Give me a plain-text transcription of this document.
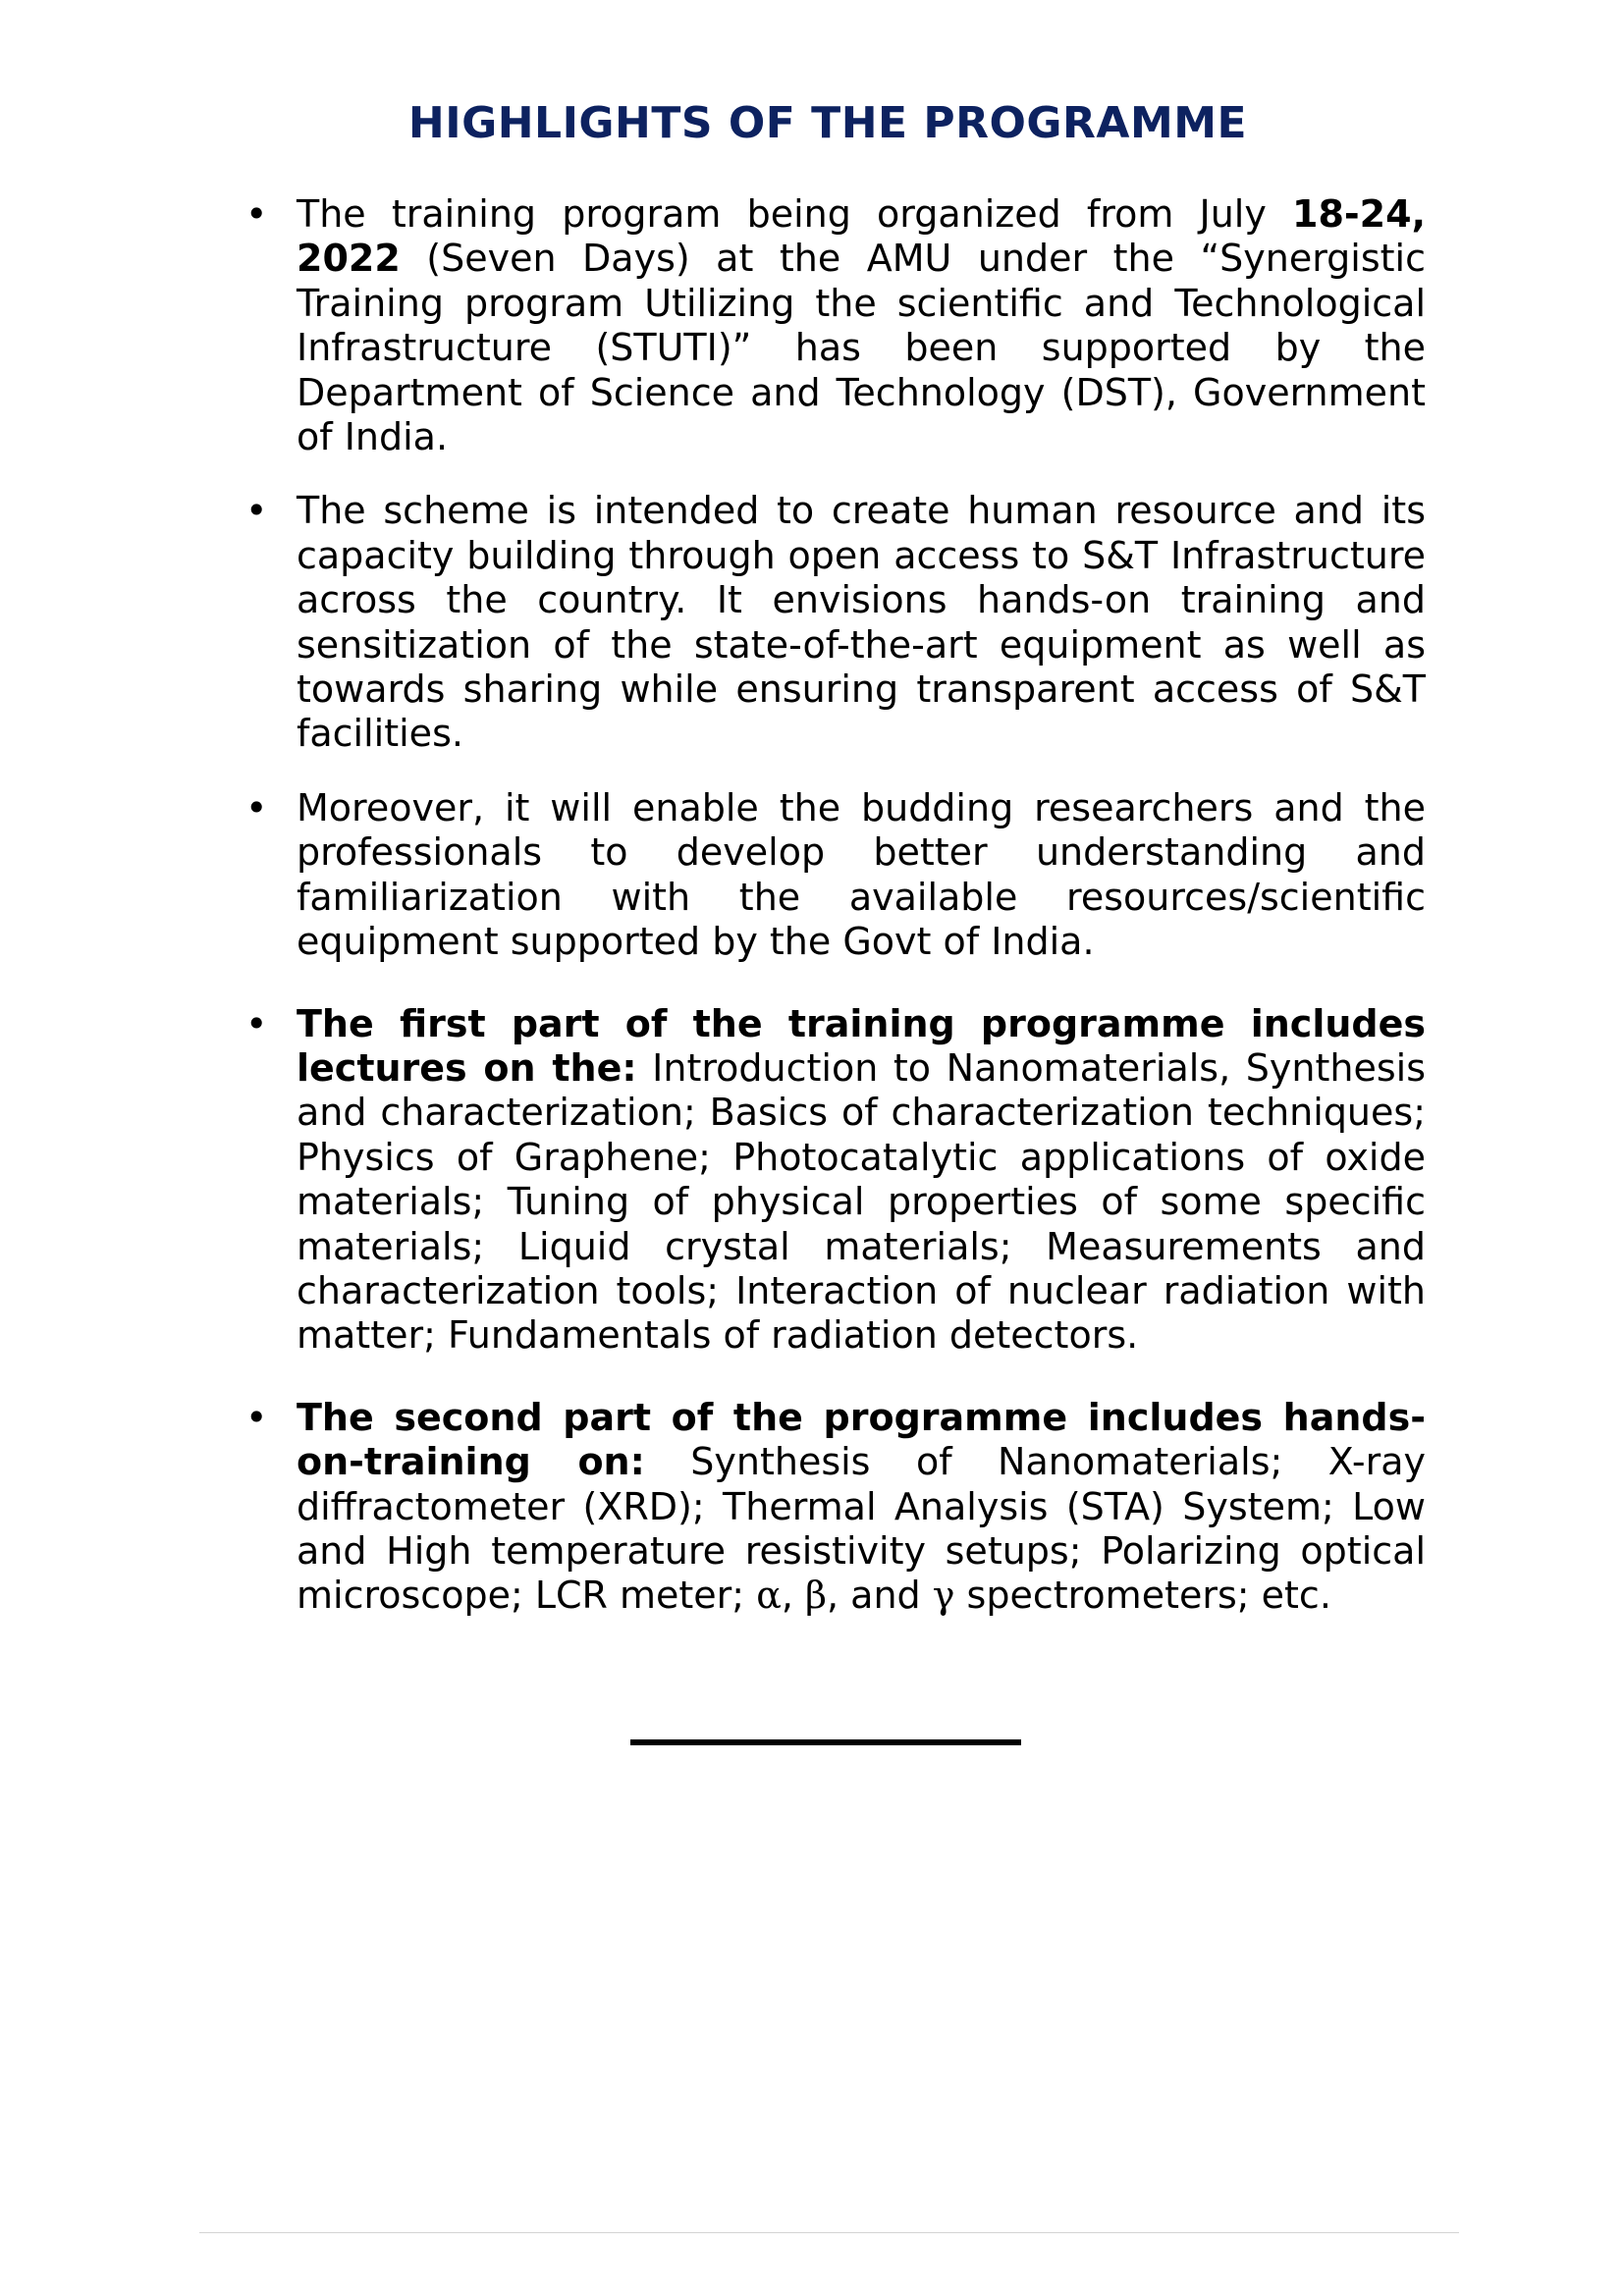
HIGHLIGHTS OF THE PROGRAMME
• The training program being organized from July 18-24, 2022 (Seven Days) at the AMU under the “Synergistic Training program Utilizing the scientific and Technological Infrastructure (STUTI)” has been supported by the Department of Science and Technology (DST), Government of India.
• The scheme is intended to create human resource and its capacity building through open access to S&T Infrastructure across the country. It envisions hands-on training and sensitization of the state-of-the-art equipment as well as towards sharing while ensuring transparent access of S&T facilities.
• Moreover, it will enable the budding researchers and the professionals to develop better understanding and familiarization with the available resources/scientific equipment supported by the Govt of India.
• The first part of the training programme includes lectures on the: Introduction to Nanomaterials, Synthesis and characterization; Basics of characterization techniques; Physics of Graphene; Photocatalytic applications of oxide materials; Tuning of physical properties of some specific materials; Liquid crystal materials; Measurements and characterization tools; Interaction of nuclear radiation with matter; Fundamentals of radiation detectors.
• The second part of the programme includes hands-on-training on: Synthesis of Nanomaterials; X-ray diffractometer (XRD); Thermal Analysis (STA) System; Low and High temperature resistivity setups; Polarizing optical microscope; LCR meter; α, β, and γ spectrometers; etc.
